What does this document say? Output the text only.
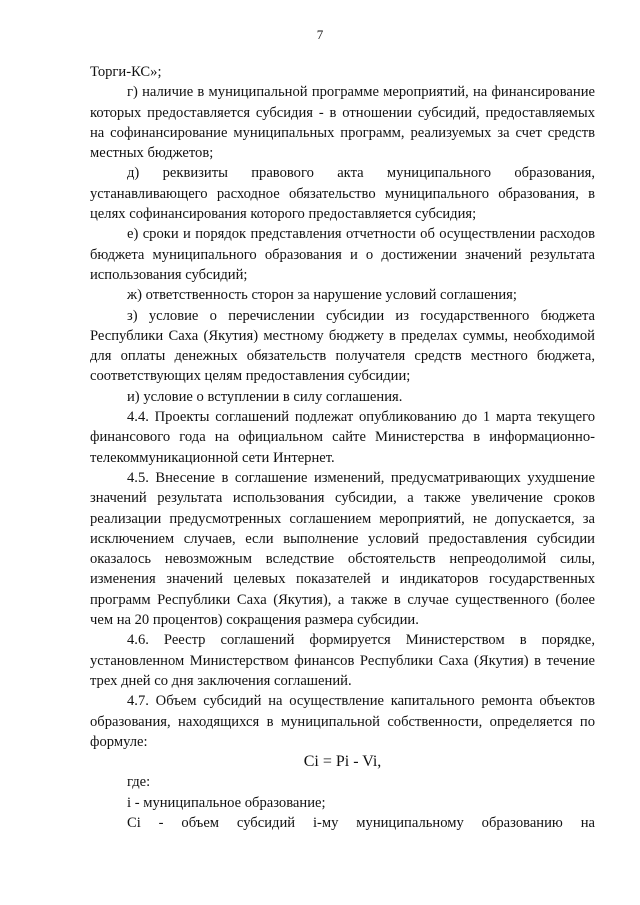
7

Торги-КС»;

г) наличие в муниципальной программе мероприятий, на финансирование которых предоставляется субсидия - в отношении субсидий, предоставляемых на софинансирование муниципальных программ, реализуемых за счет средств местных бюджетов;

д) реквизиты правового акта муниципального образования, устанавливающего расходное обязательство муниципального образования, в целях софинансирования которого предоставляется субсидия;

е) сроки и порядок представления отчетности об осуществлении расходов бюджета муниципального образования и о достижении значений результата использования субсидий;

ж) ответственность сторон за нарушение условий соглашения;

з) условие о перечислении субсидии из государственного бюджета Республики Саха (Якутия) местному бюджету в пределах суммы, необходимой для оплаты денежных обязательств получателя средств местного бюджета, соответствующих целям предоставления субсидии;

и) условие о вступлении в силу соглашения.

4.4. Проекты соглашений подлежат опубликованию до 1 марта текущего финансового года на официальном сайте Министерства в информационно-телекоммуникационной сети Интернет.

4.5. Внесение в соглашение изменений, предусматривающих ухудшение значений результата использования субсидии, а также увеличение сроков реализации предусмотренных соглашением мероприятий, не допускается, за исключением случаев, если выполнение условий предоставления субсидии оказалось невозможным вследствие обстоятельств непреодолимой силы, изменения значений целевых показателей и индикаторов государственных программ Республики Саха (Якутия), а также в случае существенного (более чем на 20 процентов) сокращения размера субсидии.

4.6. Реестр соглашений формируется Министерством в порядке, установленном Министерством финансов Республики Саха (Якутия) в течение трех дней со дня заключения соглашений.

4.7. Объем субсидий на осуществление капитального ремонта объектов образования, находящихся в муниципальной собственности, определяется по формуле:

Ci = Pi - Vi,

где:

i - муниципальное образование;

Ci - объем субсидий i-му муниципальному образованию на
